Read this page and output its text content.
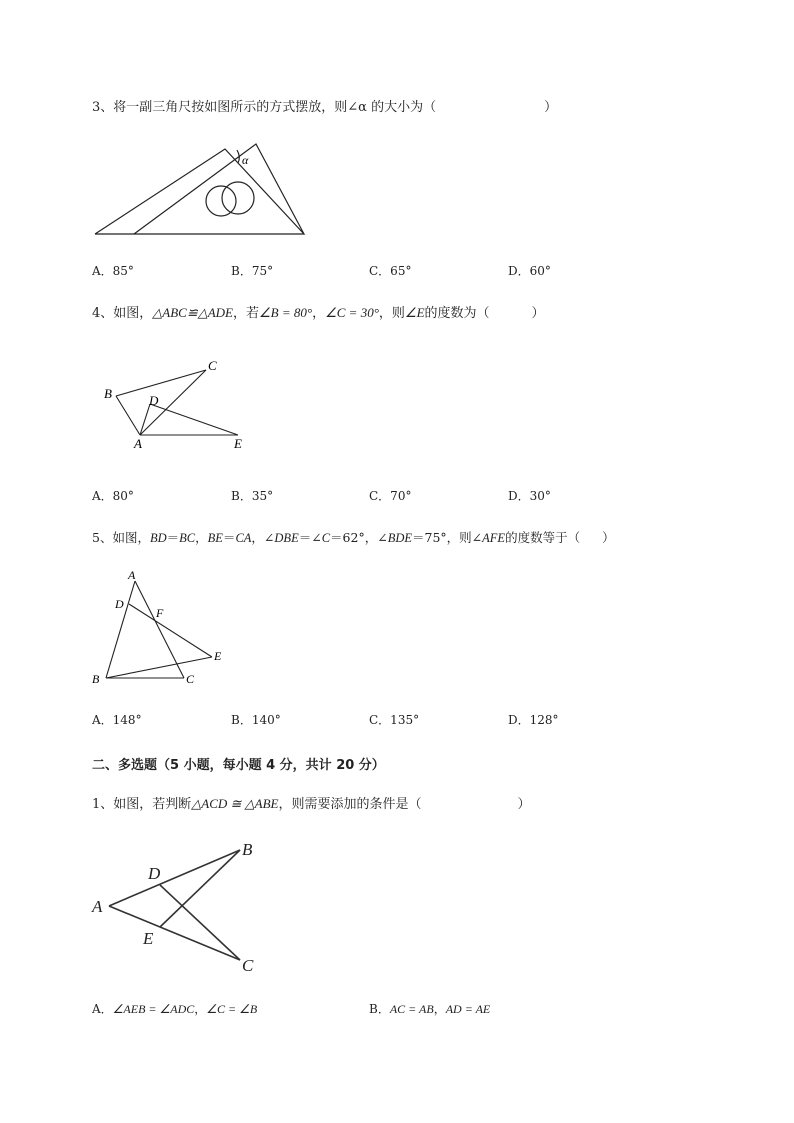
3、将一副三角尺按如图所示的方式摆放，则∠α 的大小为（	）
α
A．85°	B．75°	C．65°	D．60°
4、如图，△ABC≌△ADE，若∠B = 80°，∠C = 30°，则∠E的度数为（	）
B
C
D
A	E
A．80°	B．35°	C．70°	D．30°
5、如图，BD＝BC，BE＝CA，∠DBE＝∠C＝62°，∠BDE＝75°，则∠AFE的度数等于（ ）
A
D
F
E
B	C
A．148°	B．140°	C．135°	D．128°
二、多选题（5 小题，每小题 4 分，共计 20 分）
1、如图，若判断△ACD ≅ △ABE，则需要添加的条件是（	）
A
B
C
D
E
A．∠AEB = ∠ADC，∠C = ∠B	B．AC = AB，AD = AE
